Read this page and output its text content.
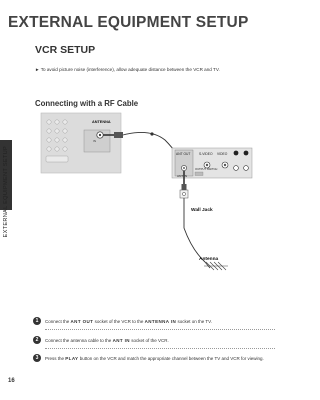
EXTERNAL EQUIPMENT SETUP
EXTERNAL EQUIPMENT SETUP
VCR SETUP
► To avoid picture noise (interference), allow adequate distance between the VCR and TV.
Connecting with a RF Cable
ANTENNA
IN
ANT OUT	S-VIDEO VIDEO
ANT IN
OUTPUT SWITCH
Wall Jack
Antenna
1	Connect the ANT OUT socket of the VCR to the ANTENNA IN socket on the TV.
2	Connect the antenna cable to the ANT IN socket of the VCR.
3	Press the PLAY button on the VCR and match the appropriate channel between the TV and VCR for viewing.
16
